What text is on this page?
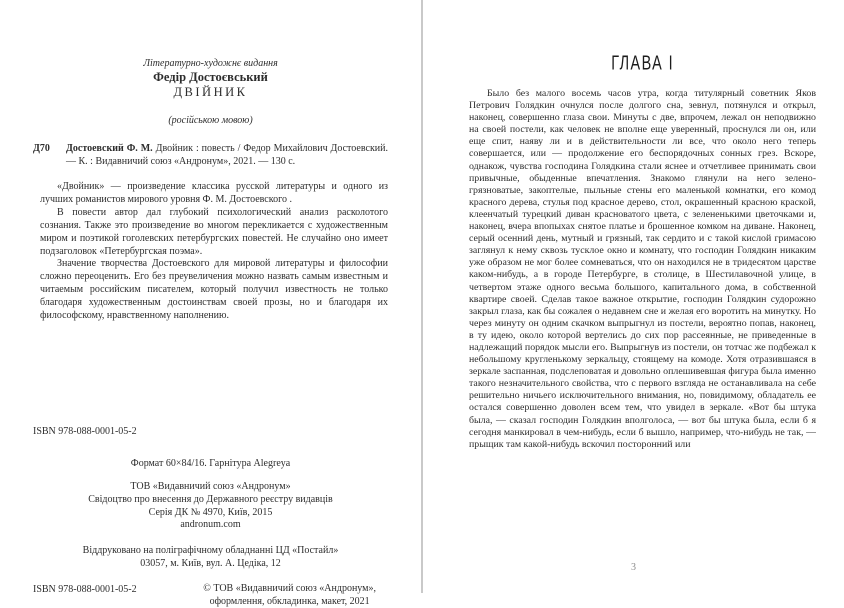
Літературно-художнє видання
Федір Достоєвський
ДВІЙНИК
(російською мовою)
Д70 Достоевский Ф. М. Двойник : повесть / Федор Михайлович Достоевский. — К. : Видавничий союз «Андронум», 2021. — 130 с.

«Двойник» — произведение классика русской литературы и одного из лучших романистов мирового уровня Ф. М. Достоевского .

В повести автор дал глубокий психологический анализ расколотого сознания. Также это произведение во многом перекликается с художественным миром и поэтикой гоголевских петербургских повестей. Не случайно оно имеет подзаголовок «Петербургская поэма».

Значение творчества Достоевского для мировой литературы и философии сложно переоценить. Его без преувеличения можно назвать самым известным и читаемым российским писателем, который получил известность не только благодаря художественным достоинствам своей прозы, но и благодаря их философскому, нравственному наполнению.

ISBN 978-088-0001-05-2
Формат 60×84/16. Гарнітура Alegreya
ТОВ «Видавничий союз «Андронум»
Свідоцтво про внесення до Державного реєстру видавців
Серія ДК № 4970, Київ, 2015
andronum.com
Віддруковано на поліграфічному обладнанні ЦД «Постайл»
03057, м. Київ, вул. А. Цедіка, 12
ISBN 978-088-0001-05-2	© ТОВ «Видавничий союз «Андронум»,
оформлення, обкладинка, макет, 2021
ГЛАВА I
Было без малого восемь часов утра, когда титулярный советник Яков Петрович Голядкин очнулся после долгого сна, зевнул, потянулся и открыл, наконец, совершенно глаза свои. Минуты с две, впрочем, лежал он неподвижно на своей постели, как человек не вполне еще уверенный, проснулся ли он, или еще спит, наяву ли и в действительности ли все, что около него теперь совершается, или — продолжение его беспорядочных сонных грез. Вскоре, однакож, чувства господина Голядкина стали яснее и отчетливее принимать свои привычные, обыденные впечатления. Знакомо глянули на него зелено-грязноватые, закоптелые, пыльные стены его маленькой комнатки, его комод красного дерева, стулья под красное дерево, стол, окрашенный красною краской, клеенчатый турецкий диван красноватого цвета, с зелененькими цветочками и, наконец, вчера впопыхах снятое платье и брошенное комком на диване. Наконец, серый осенний день, мутный и грязный, так сердито и с такой кислой гримасою заглянул к нему сквозь тусклое окно и комнату, что господин Голядкин никаким уже образом не мог более сомневаться, что он находился не в тридесятом царстве каком-нибудь, а в городе Петербурге, в столице, в Шестилавочной улице, в четвертом этаже одного весьма большого, капитального дома, в собственной квартире своей. Сделав такое важное открытие, господин Голядкин судорожно закрыл глаза, как бы сожалея о недавнем сне и желая его воротить на минутку. Но через минуту он одним скачком выпрыгнул из постели, вероятно попав, наконец, в ту идею, около которой вертелись до сих пор рассеянные, не приведенные в надлежащий порядок мысли его. Выпрыгнув из постели, он тотчас же подбежал к небольшому кругленькому зеркальцу, стоящему на комоде. Хотя отразившаяся в зеркале заспанная, подслеповатая и довольно оплешивевшая фигура была именно такого незначительного свойства, что с первого взгляда не останавливала на себе решительно ничьего исключительного внимания, но, повидимому, обладатель ее остался совершенно доволен всем тем, что увидел в зеркале. «Вот бы штука была, — сказал господин Голядкин вполголоса, — вот бы штука была, если б я сегодня манкировал в чем-нибудь, если б вышло, например, что-нибудь не так, — прыщик там какой-нибудь вскочил посторонний или
3
